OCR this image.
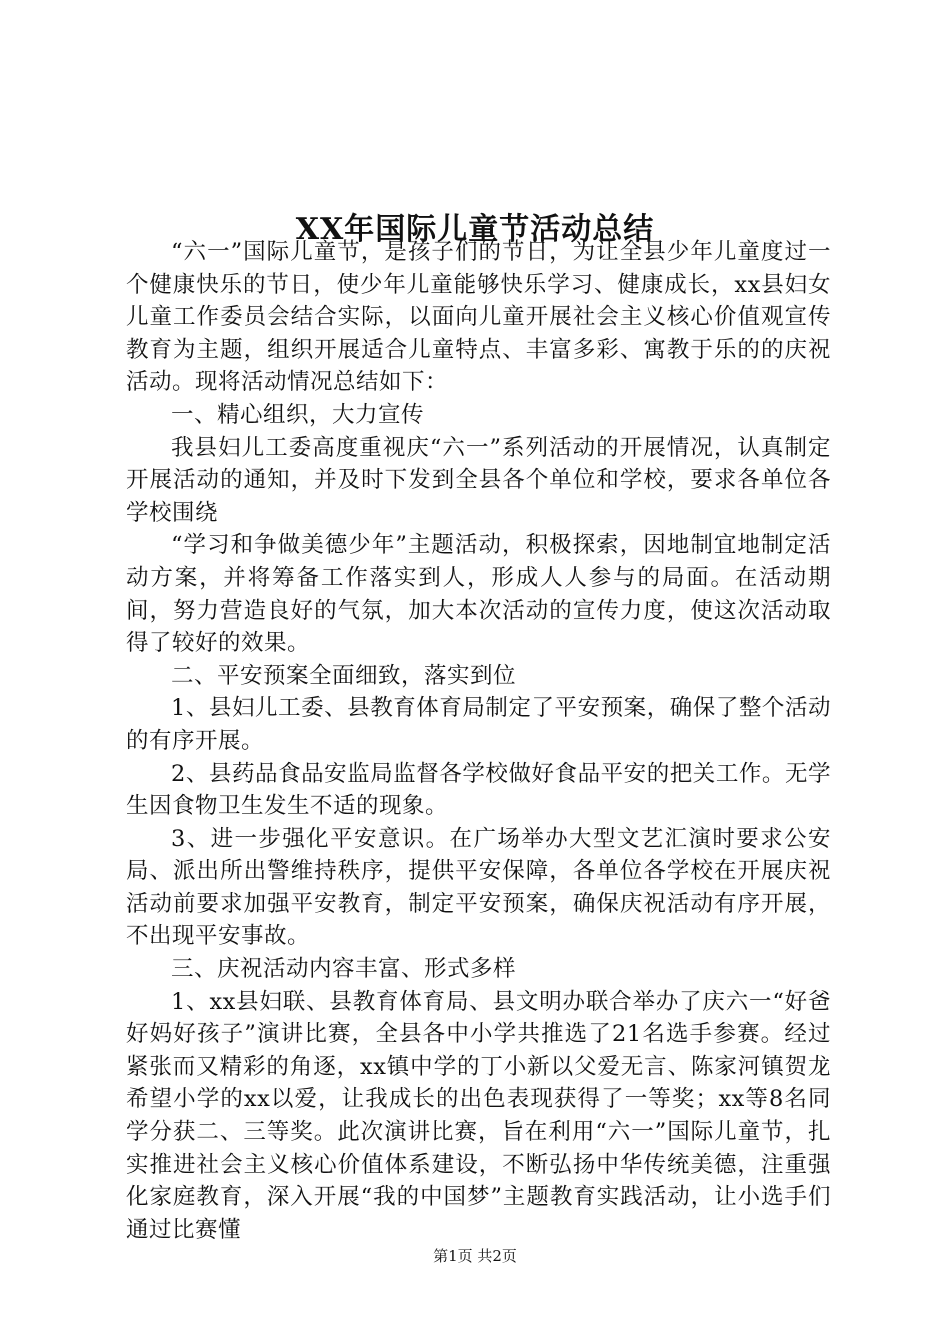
XX年国际儿童节活动总结

“六一”国际儿童节，是孩子们的节日，为让全县少年儿童度过一个健康快乐的节日，使少年儿童能够快乐学习、健康成长，xx县妇女儿童工作委员会结合实际，以面向儿童开展社会主义核心价值观宣传教育为主题，组织开展适合儿童特点、丰富多彩、寓教于乐的的庆祝活动。现将活动情况总结如下：

一、精心组织，大力宣传

我县妇儿工委高度重视庆“六一”系列活动的开展情况，认真制定开展活动的通知，并及时下发到全县各个单位和学校，要求各单位各学校围绕

“学习和争做美德少年”主题活动，积极探索，因地制宜地制定活动方案，并将筹备工作落实到人，形成人人参与的局面。在活动期间，努力营造良好的气氛，加大本次活动的宣传力度，使这次活动取得了较好的效果。

二、平安预案全面细致，落实到位

1、县妇儿工委、县教育体育局制定了平安预案，确保了整个活动的有序开展。

2、县药品食品安监局监督各学校做好食品平安的把关工作。无学生因食物卫生发生不适的现象。

3、进一步强化平安意识。在广场举办大型文艺汇演时要求公安局、派出所出警维持秩序，提供平安保障，各单位各学校在开展庆祝活动前要求加强平安教育，制定平安预案，确保庆祝活动有序开展，不出现平安事故。

三、庆祝活动内容丰富、形式多样

1、xx县妇联、县教育体育局、县文明办联合举办了庆六一“好爸好妈好孩子”演讲比赛，全县各中小学共推选了21名选手参赛。经过紧张而又精彩的角逐，xx镇中学的丁小新以父爱无言、陈家河镇贺龙希望小学的xx以爱，让我成长的出色表现获得了一等奖；xx等8名同学分获二、三等奖。此次演讲比赛，旨在利用“六一”国际儿童节，扎实推进社会主义核心价值体系建设，不断弘扬中华传统美德，注重强化家庭教育，深入开展“我的中国梦”主题教育实践活动，让小选手们通过比赛懂

第1页 共2页
